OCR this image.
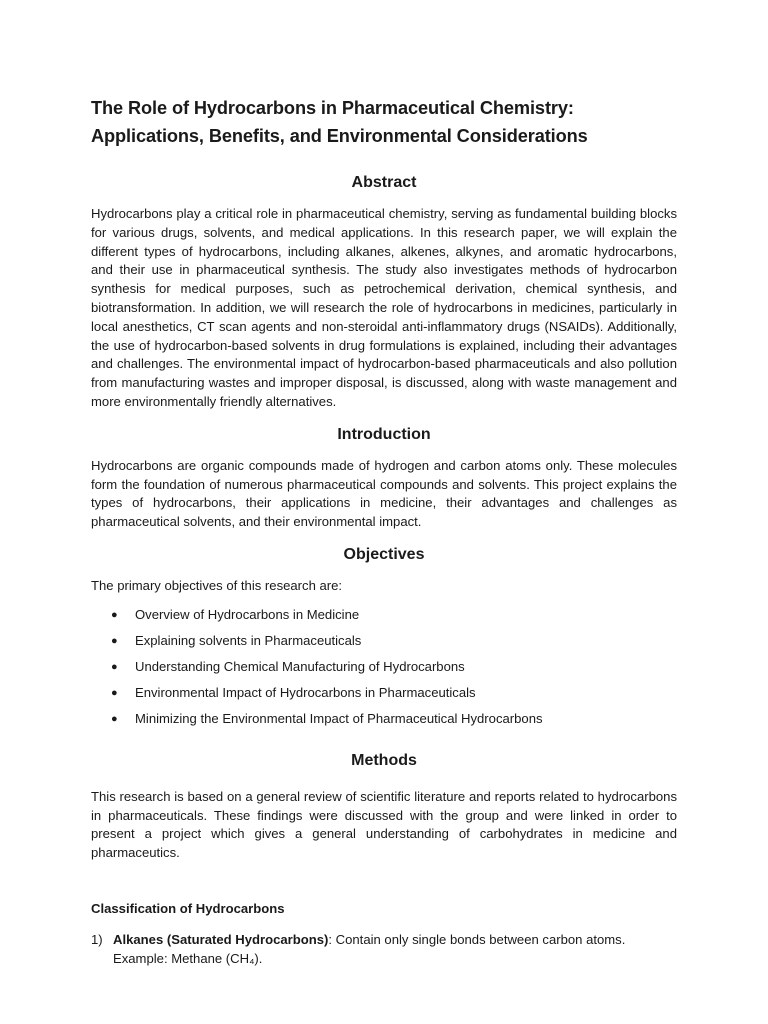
The Role of Hydrocarbons in Pharmaceutical Chemistry: Applications, Benefits, and Environmental Considerations
Abstract

Hydrocarbons play a critical role in pharmaceutical chemistry, serving as fundamental building blocks for various drugs, solvents, and medical applications. In this research paper, we will explain the different types of hydrocarbons, including alkanes, alkenes, alkynes, and aromatic hydrocarbons, and their use in pharmaceutical synthesis. The study also investigates methods of hydrocarbon synthesis for medical purposes, such as petrochemical derivation, chemical synthesis, and biotransformation. In addition, we will research the role of hydrocarbons in medicines, particularly in local anesthetics, CT scan agents and non-steroidal anti-inflammatory drugs (NSAIDs). Additionally, the use of hydrocarbon-based solvents in drug formulations is explained, including their advantages and challenges. The environmental impact of hydrocarbon-based pharmaceuticals and also pollution from manufacturing wastes and improper disposal, is discussed, along with waste management and more environmentally friendly alternatives.

Introduction

Hydrocarbons are organic compounds made of hydrogen and carbon atoms only. These molecules form the foundation of numerous pharmaceutical compounds and solvents. This project explains the types of hydrocarbons, their applications in medicine, their advantages and challenges as pharmaceutical solvents, and their environmental impact.

Objectives

The primary objectives of this research are:

●	Overview of Hydrocarbons in Medicine
●	Explaining solvents in Pharmaceuticals
●	Understanding Chemical Manufacturing of Hydrocarbons
●	Environmental Impact of Hydrocarbons in Pharmaceuticals
●	Minimizing the Environmental Impact of Pharmaceutical Hydrocarbons
Methods

This research is based on a general review of scientific literature and reports related to hydrocarbons in pharmaceuticals. These findings were discussed with the group and were linked in order to present a project which gives a general understanding of carbohydrates in medicine and pharmaceutics.

Classification of Hydrocarbons

1) Alkanes (Saturated Hydrocarbons): Contain only single bonds between carbon atoms. Example: Methane (CH₄).
